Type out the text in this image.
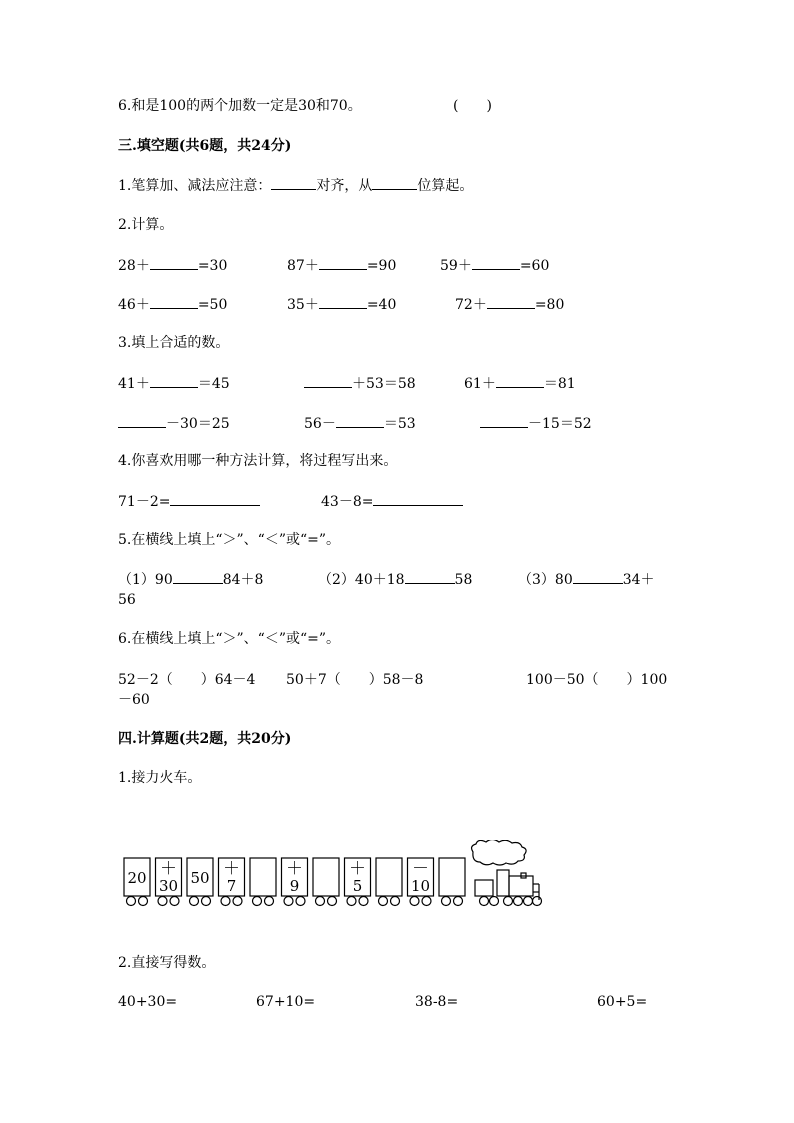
6.和是100的两个加数一定是30和70。	(　　)
三.填空题(共6题，共24分)
1.笔算加、减法应注意：	对齐，从	位算起。
2.计算。
28＋	=30	87＋	=90	59＋	=60
46＋	=50	35＋	=40	72＋	=80
3.填上合适的数。
41＋	＝45	＋53＝58	61＋	＝81
－30＝25	56－	＝53	－15＝52
4.你喜欢用哪一种方法计算，将过程写出来。
71－2=	43－8=
5.在横线上填上“＞”、“＜”或“=”。
（1）90	84＋8	（2）40＋18	58	（3）80	34＋
56
6.在横线上填上“＞”、“＜”或“=”。
52－2（　　）64－4 50＋7（　　）58－8	100－50（　　）100
－60
四.计算题(共2题，共20分)
1.接力火车。
20 ＋
30 50 ＋
7
＋
9
＋
5
－
10
2.直接写得数。
40+30=	67+10=	38-8=	60+5=
